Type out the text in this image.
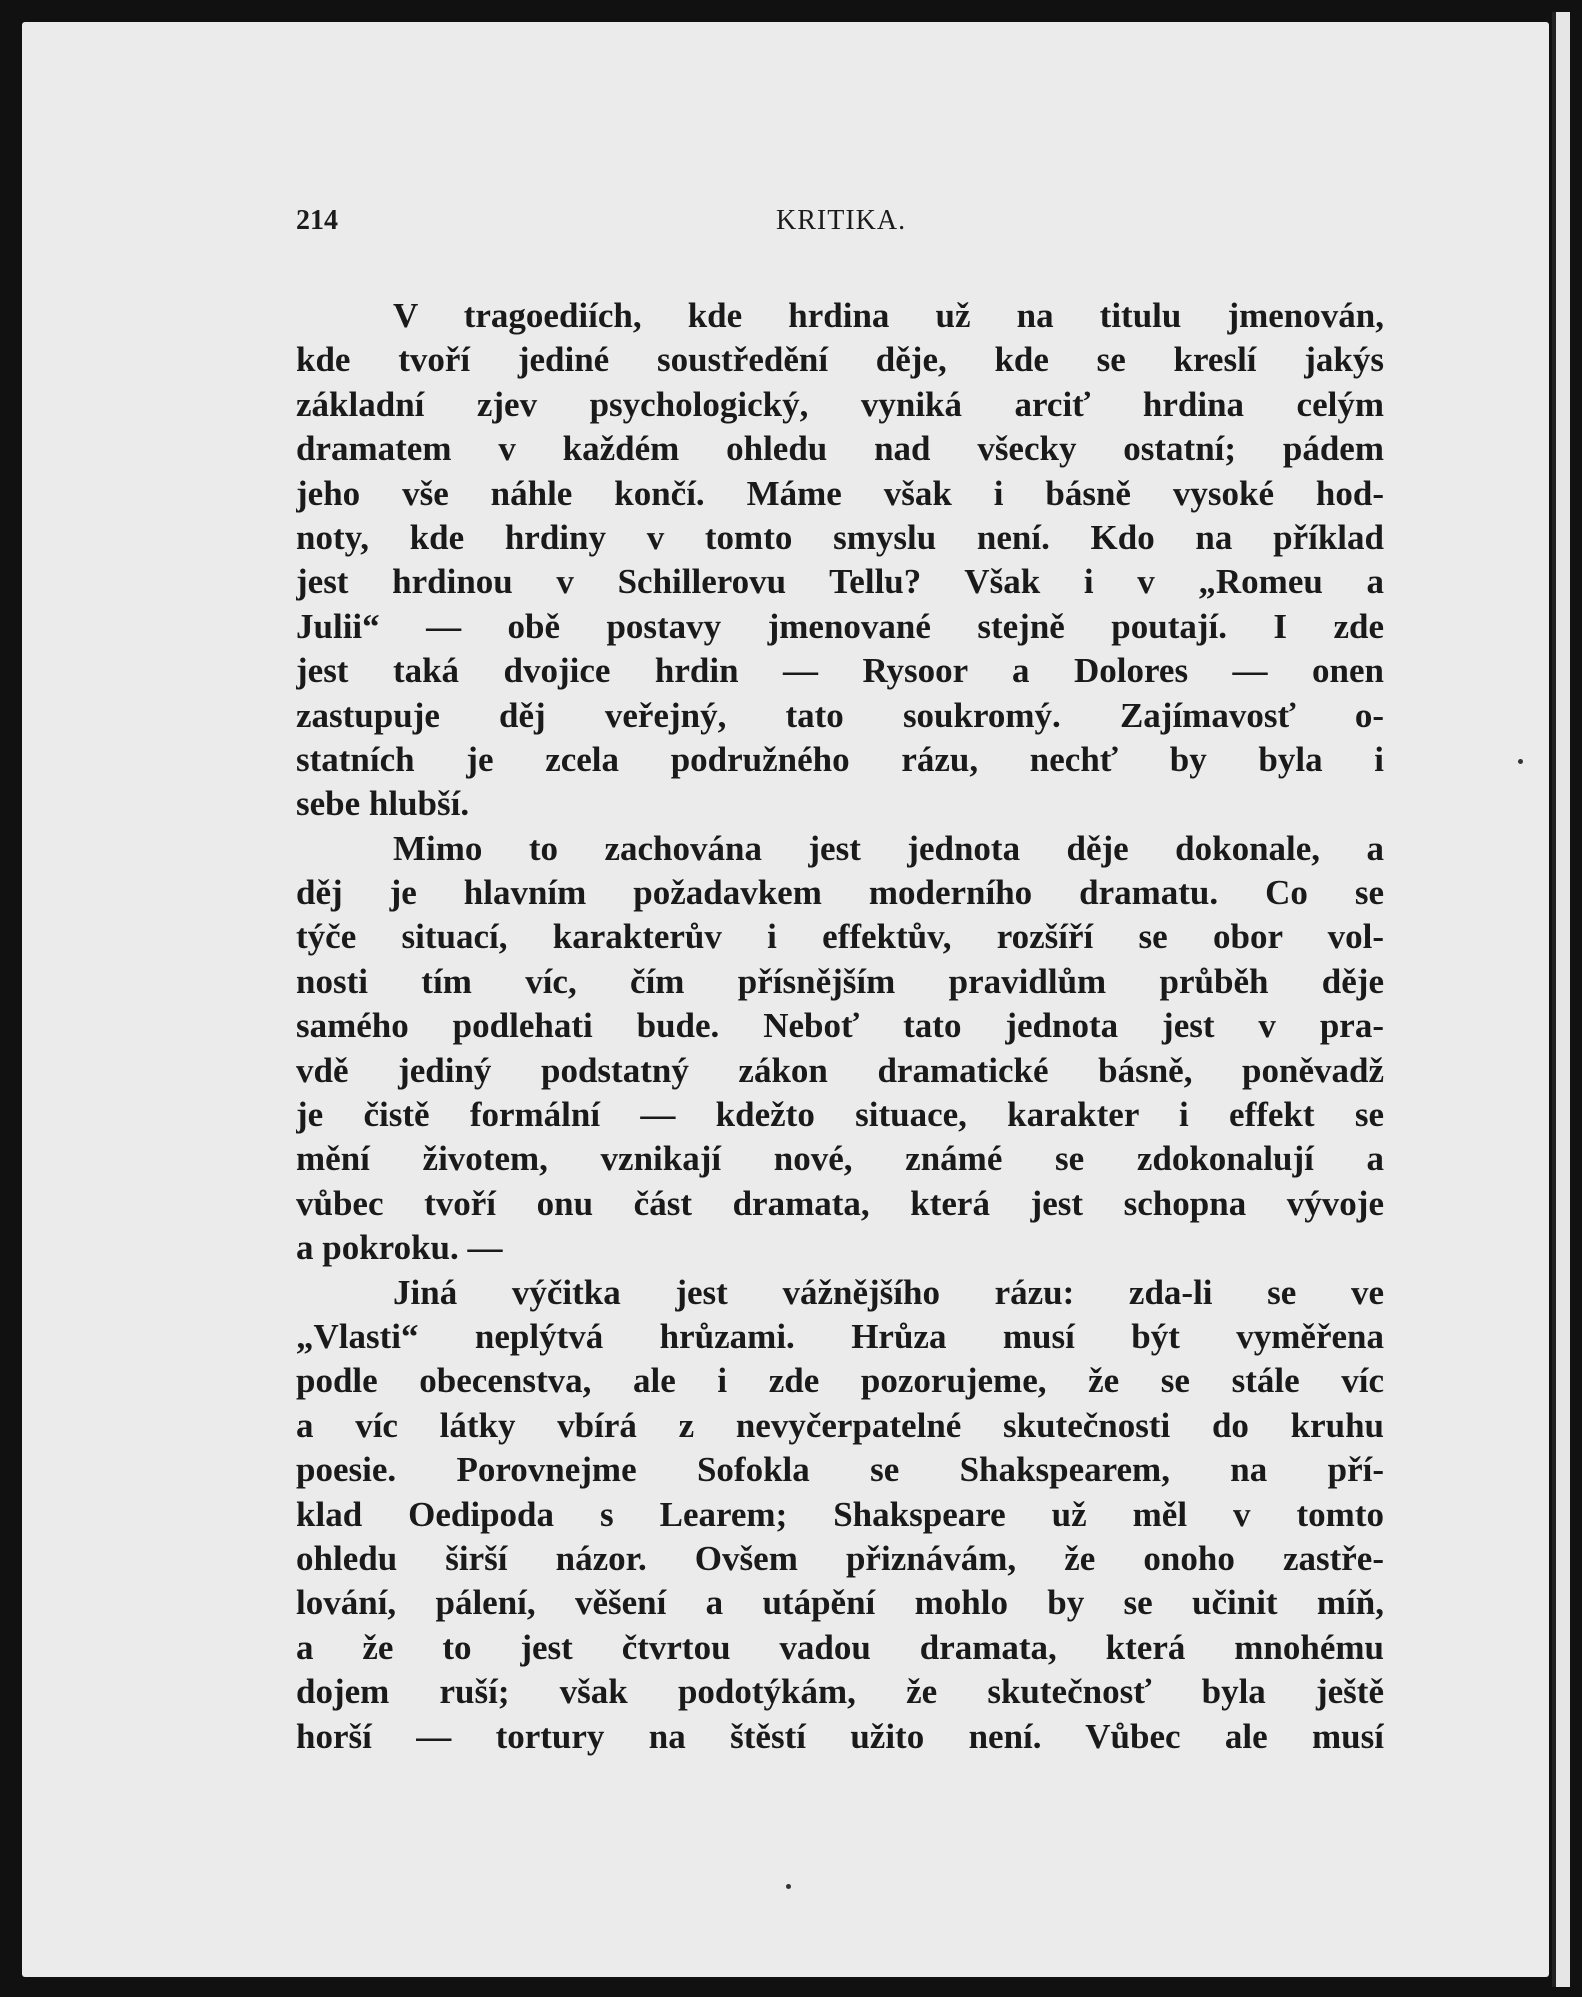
214	KRITIKA.
V tragoediích, kde hrdina už na titulu jmenován,
kde tvoří jediné soustředění děje, kde se kreslí jakýs
základní zjev psychologický, vyniká arciť hrdina celým
dramatem v každém ohledu nad všecky ostatní; pádem
jeho vše náhle končí. Máme však i básně vysoké hod-
noty, kde hrdiny v tomto smyslu není. Kdo na příklad
jest hrdinou v Schillerovu Tellu? Však i v „Romeu a
Julii“ — obě postavy jmenované stejně poutají. I zde
jest taká dvojice hrdin — Rysoor a Dolores — onen
zastupuje děj veřejný, tato soukromý. Zajímavosť o-
statních je zcela podružného rázu, nechť by byla i
sebe hlubší.
Mimo to zachována jest jednota děje dokonale, a
děj je hlavním požadavkem moderního dramatu. Co se
týče situací, karakterův i effektův, rozšíří se obor vol-
nosti tím víc, čím přísnějším pravidlům průběh děje
samého podlehati bude. Neboť tato jednota jest v pra-
vdě jediný podstatný zákon dramatické básně, poněvadž
je čistě formální — kdežto situace, karakter i effekt se
mění životem, vznikají nové, známé se zdokonalují a
vůbec tvoří onu část dramata, která jest schopna vývoje
a pokroku. —
Jiná výčitka jest vážnějšího rázu: zda-li se ve
„Vlasti“ neplýtvá hrůzami. Hrůza musí být vyměřena
podle obecenstva, ale i zde pozorujeme, že se stále víc
a víc látky vbírá z nevyčerpatelné skutečnosti do kruhu
poesie. Porovnejme Sofokla se Shakspearem, na pří-
klad Oedipoda s Learem; Shakspeare už měl v tomto
ohledu širší názor. Ovšem přiznávám, že onoho zastře-
lování, pálení, věšení a utápění mohlo by se učinit míň,
a že to jest čtvrtou vadou dramata, která mnohému
dojem ruší; však podotýkám, že skutečnosť byla ještě
horší — tortury na štěstí užito není. Vůbec ale musí
